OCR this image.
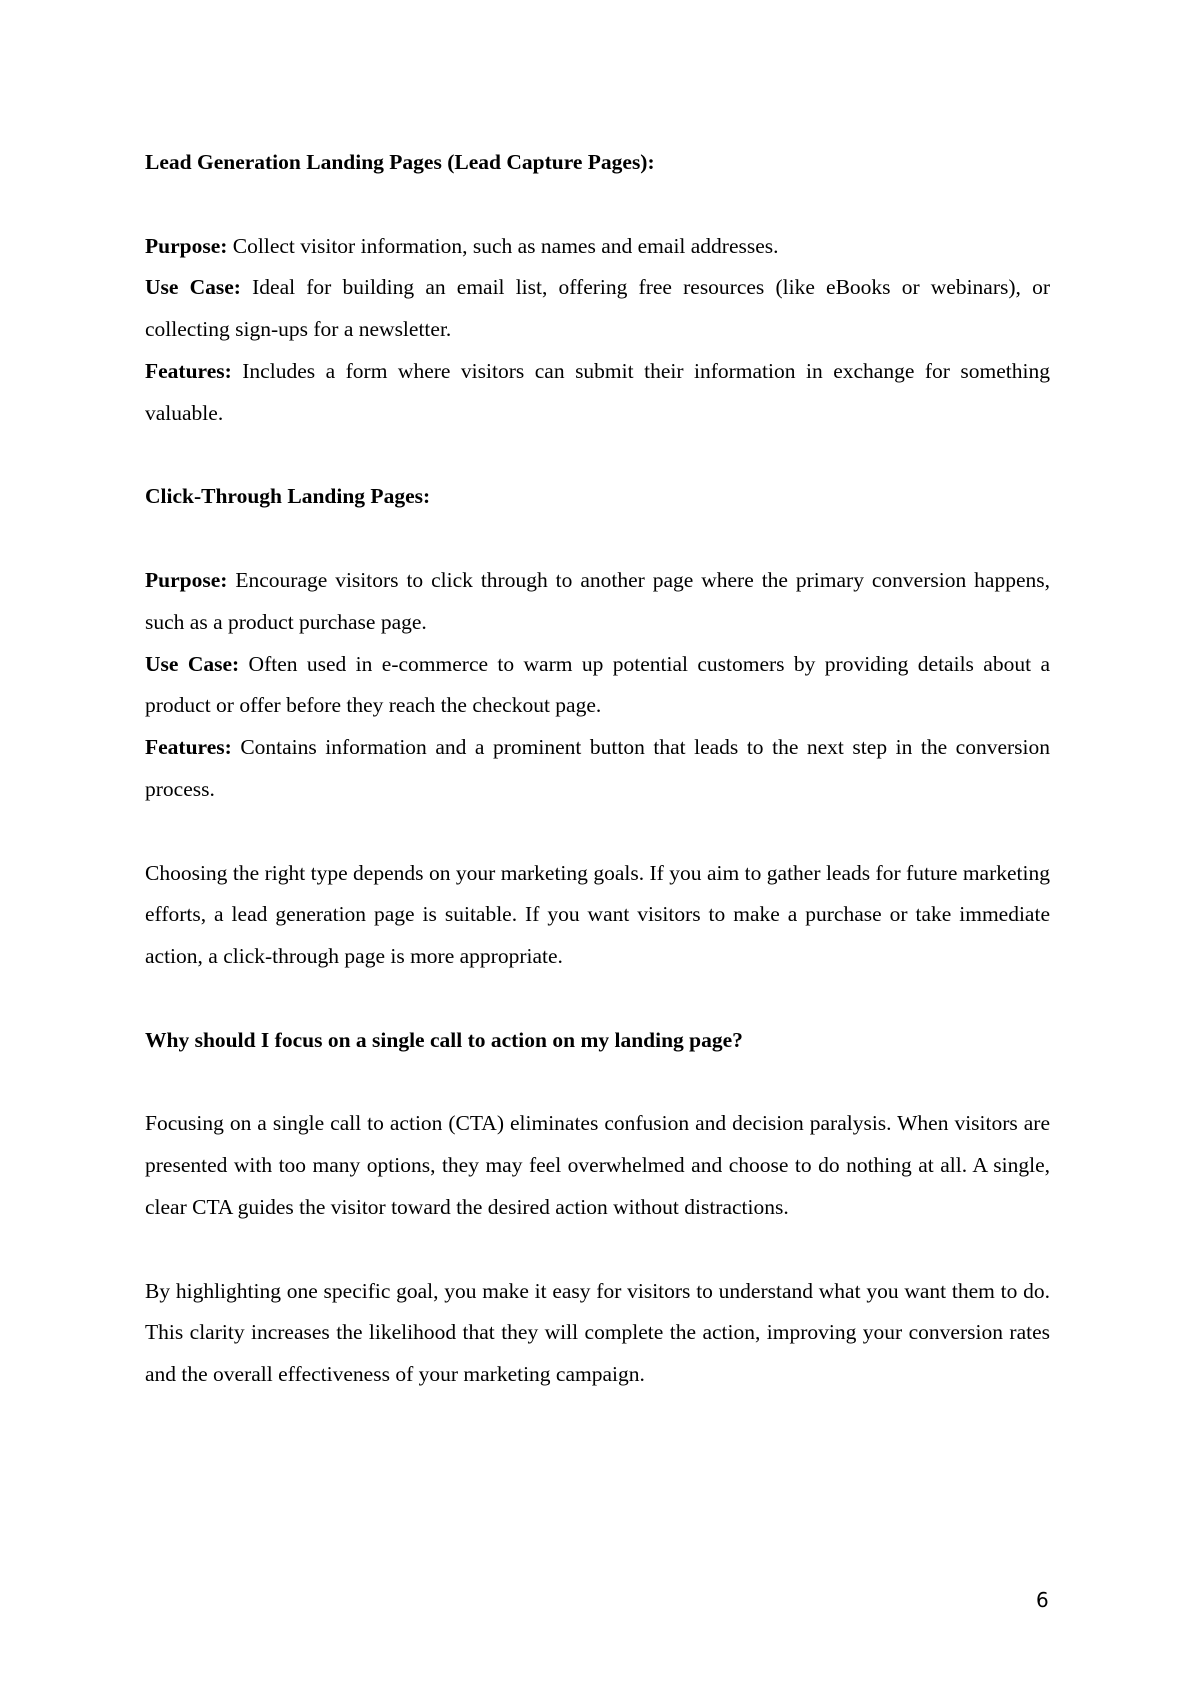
Lead Generation Landing Pages (Lead Capture Pages):

Purpose: Collect visitor information, such as names and email addresses.

Use Case: Ideal for building an email list, offering free resources (like eBooks or webinars), or collecting sign-ups for a newsletter.

Features: Includes a form where visitors can submit their information in exchange for something valuable.

Click-Through Landing Pages:

Purpose: Encourage visitors to click through to another page where the primary conversion happens, such as a product purchase page.

Use Case: Often used in e-commerce to warm up potential customers by providing details about a product or offer before they reach the checkout page.

Features: Contains information and a prominent button that leads to the next step in the conversion process.

Choosing the right type depends on your marketing goals. If you aim to gather leads for future marketing efforts, a lead generation page is suitable. If you want visitors to make a purchase or take immediate action, a click-through page is more appropriate.

Why should I focus on a single call to action on my landing page?

Focusing on a single call to action (CTA) eliminates confusion and decision paralysis. When visitors are presented with too many options, they may feel overwhelmed and choose to do nothing at all. A single, clear CTA guides the visitor toward the desired action without distractions.

By highlighting one specific goal, you make it easy for visitors to understand what you want them to do. This clarity increases the likelihood that they will complete the action, improving your conversion rates and the overall effectiveness of your marketing campaign.

6
